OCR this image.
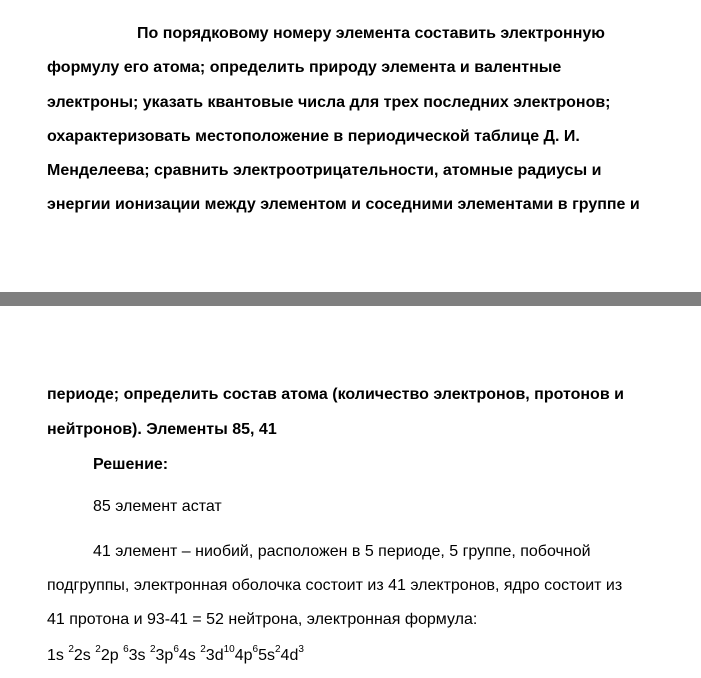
По порядковому номеру элемента составить электронную
формулу его атома; определить природу элемента и валентные
электроны; указать квантовые числа для трех последних электронов;
охарактеризовать местоположение в периодической таблице Д. И.
Менделеева; сравнить электроотрицательности, атомные радиусы и
энергии ионизации между элементом и соседними элементами в группе и
периоде; определить состав атома (количество электронов, протонов и
нейтронов). Элементы 85, 41
Решение:
85 элемент астат
41 элемент – ниобий, расположен в 5 периоде, 5 группе, побочной
подгруппы, электронная оболочка состоит из 41 электронов, ядро состоит из
41 протона и 93-41 = 52 нейтрона, электронная формула:
1s $^2$2s $^2$2p $^6$3s $^23p^64s$ $^23d^{10}4p^65s^24d^3$
